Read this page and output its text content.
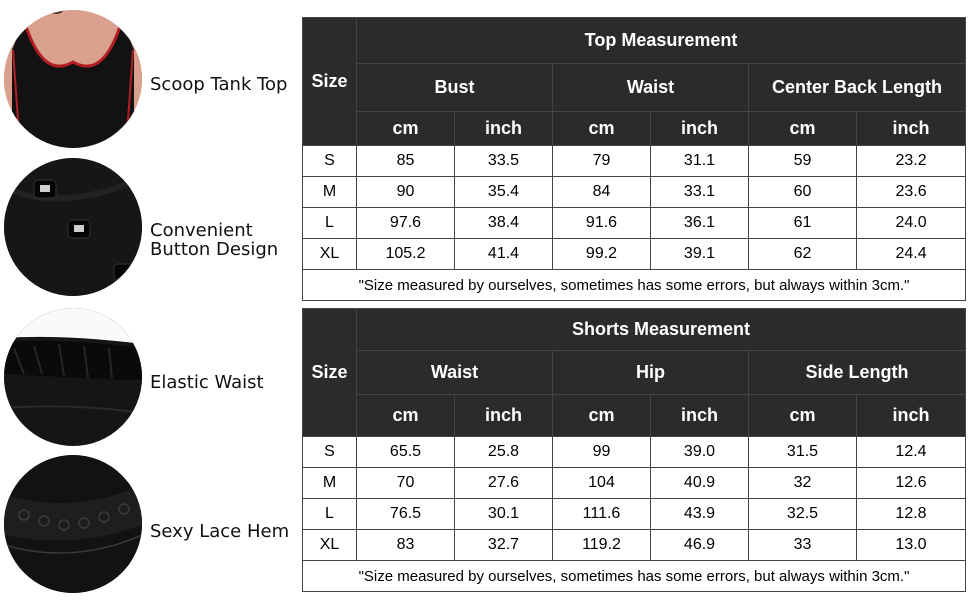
Scoop Tank Top
Convenient Button Design
Elastic Waist
Sexy Lace Hem
Size	Top Measurement					
	Bust		Waist		Center Back Length	
	cm	inch	cm	inch	cm	inch
S	85	33.5	79	31.1	59	23.2
M	90	35.4	84	33.1	60	23.6
L	97.6	38.4	91.6	36.1	61	24.0
XL	105.2	41.4	99.2	39.1	62	24.4
"Size measured by ourselves, sometimes has some errors, but always within 3cm."						
Size	Shorts Measurement					
	Waist		Hip		Side Length	
	cm	inch	cm	inch	cm	inch
S	65.5	25.8	99	39.0	31.5	12.4
M	70	27.6	104	40.9	32	12.6
L	76.5	30.1	111.6	43.9	32.5	12.8
XL	83	32.7	119.2	46.9	33	13.0
"Size measured by ourselves, sometimes has some errors, but always within 3cm."						
